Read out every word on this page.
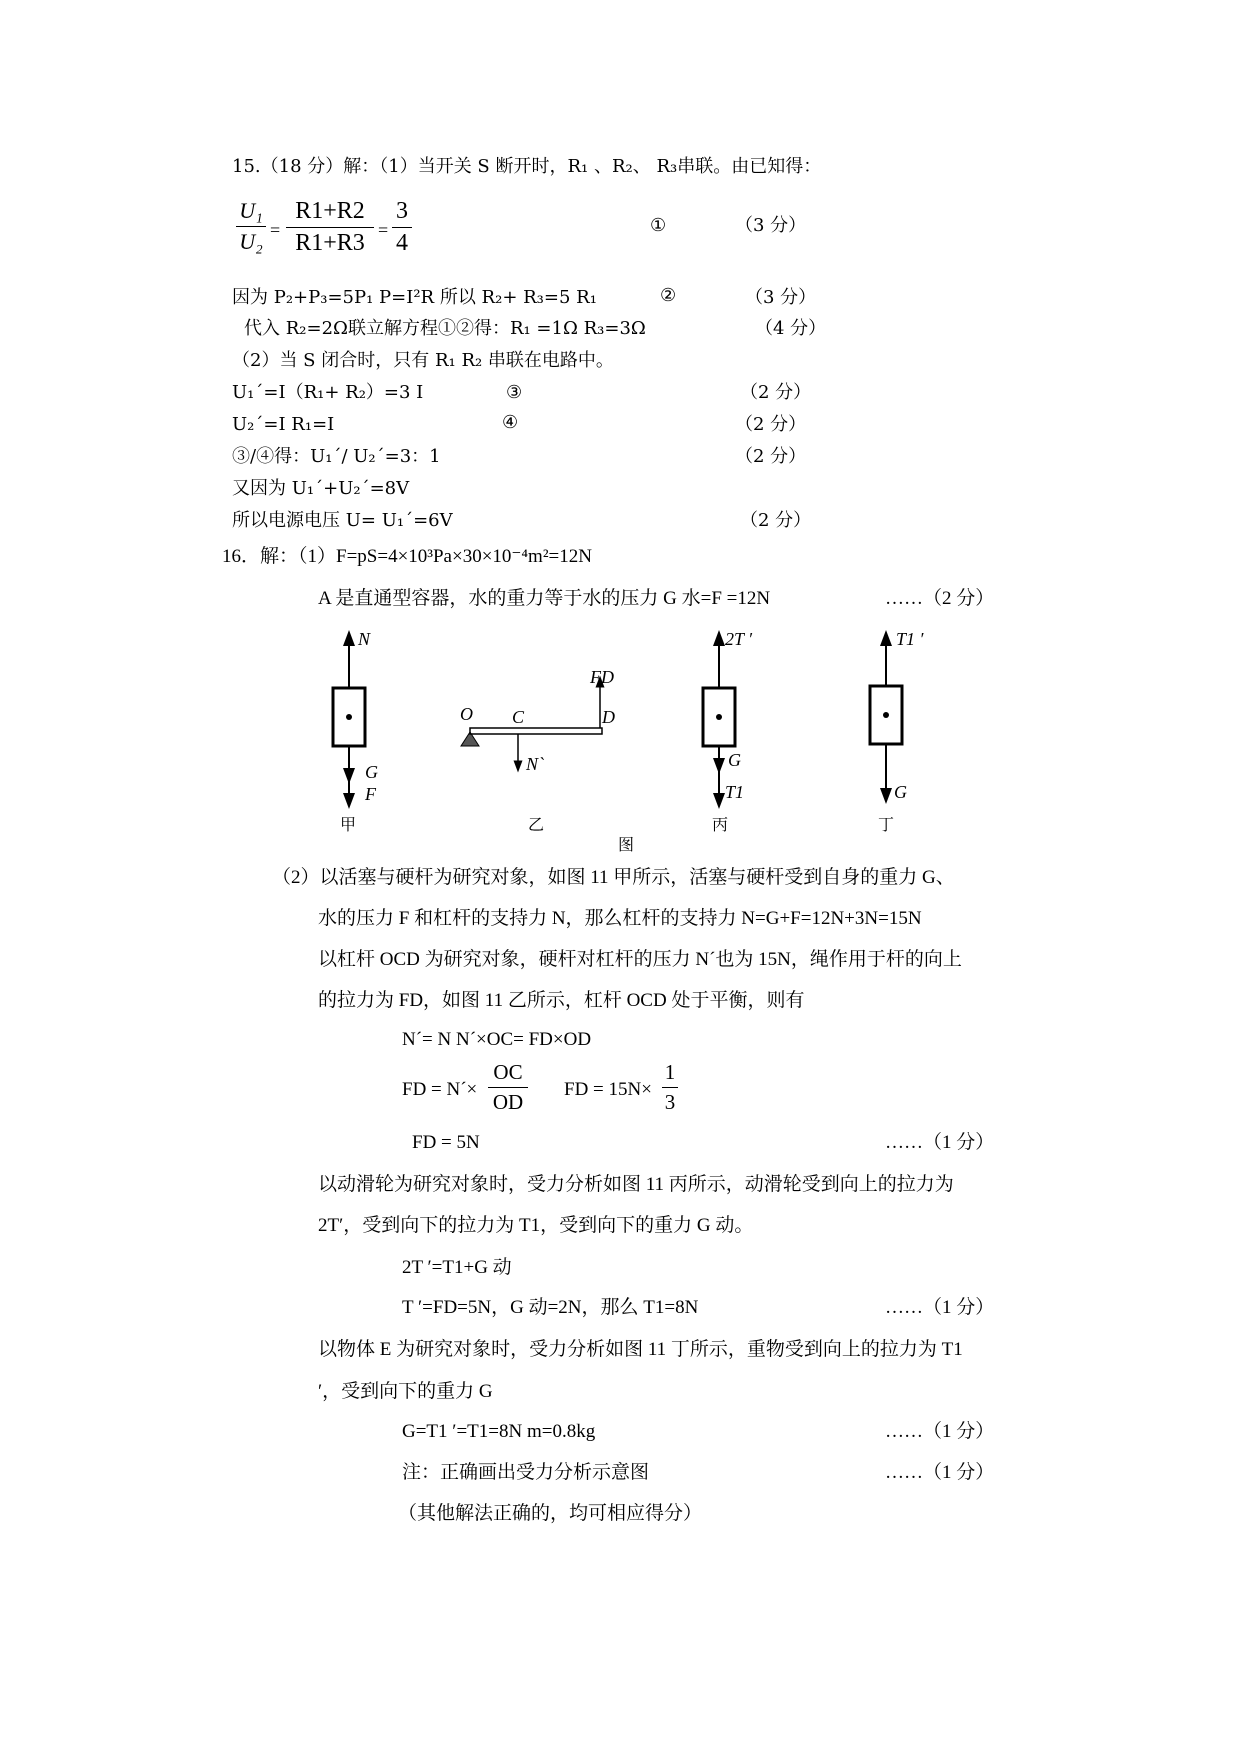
15.（18 分）解：（1）当开关 S 断开时，R₁ 、R₂、 R₃串联。由已知得：
U₁
U₂ =
R1+R2
R1+R3 =
3
4
①	（3 分）
因为 P₂+P₃=5P₁ P=I²R 所以 R₂+ R₃=5 R₁	②	（3 分）
代入 R₂=2Ω联立解方程①②得：R₁ =1Ω R₃=3Ω	（4 分）
（2）当 S 闭合时，只有 R₁ R₂ 串联在电路中。
U₁´=I（R₁+ R₂）=3 I	③	（2 分）
U₂´=I R₁=I	④	（2 分）
③/④得：U₁´/ U₂´=3：1	（2 分）
又因为 U₁´+U₂´=8V
所以电源电压 U= U₁´=6V	（2 分）
16．解：（1）F=pS=4×10³Pa×30×10⁻⁴m²=12N
A 是直通型容器，水的重力等于水的压力 G 水=F =12N	……（2 分）
N
G
F
甲
O C	D
FD
N`
乙
图
2T ′
G
T1
丙
T1 ′
G
丁
（2）以活塞与硬杆为研究对象，如图 11 甲所示，活塞与硬杆受到自身的重力 G、
水的压力 F 和杠杆的支持力 N，那么杠杆的支持力 N=G+F=12N+3N=15N
以杠杆 OCD 为研究对象，硬杆对杠杆的压力 N´也为 15N，绳作用于杆的向上
的拉力为 FD，如图 11 乙所示，杠杆 OCD 处于平衡，则有
N´= N N´×OC= FD×OD
FD = N´×
OC
OD
FD = 15N×
1
3
FD = 5N	……（1 分）
以动滑轮为研究对象时，受力分析如图 11 丙所示，动滑轮受到向上的拉力为
2T′，受到向下的拉力为 T1，受到向下的重力 G 动。
2T ′=T1+G 动
T ′=FD=5N，G 动=2N，那么 T1=8N	……（1 分）
以物体 E 为研究对象时，受力分析如图 11 丁所示，重物受到向上的拉力为 T1
′，受到向下的重力 G
G=T1 ′=T1=8N m=0.8kg	……（1 分）
注：正确画出受力分析示意图	……（1 分）
（其他解法正确的，均可相应得分）
